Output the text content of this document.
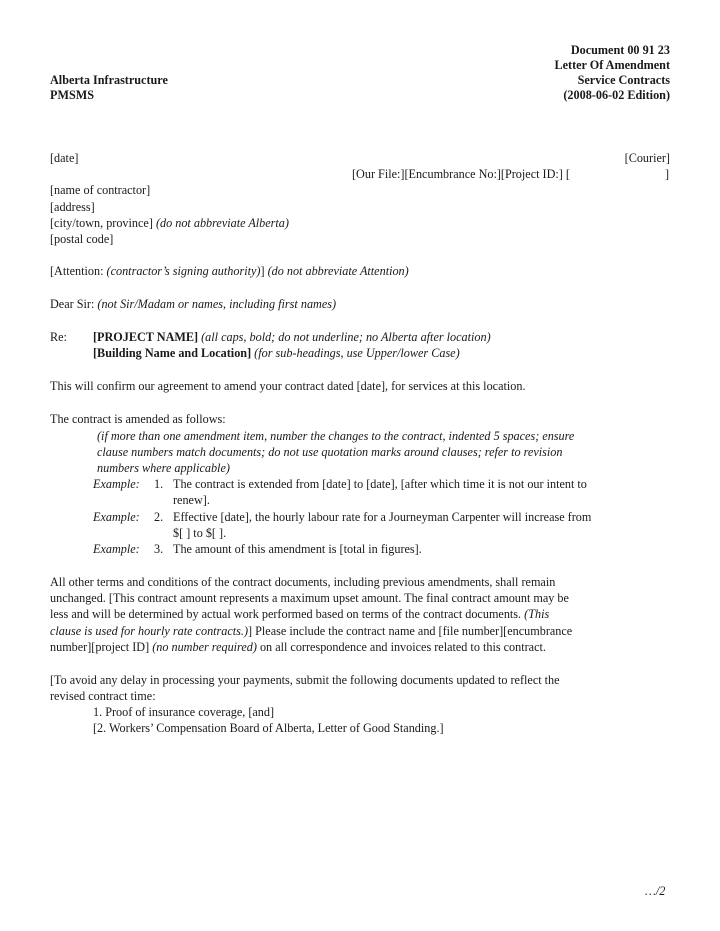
Alberta Infrastructure
PMSMS
Document 00 91 23
Letter Of Amendment
Service Contracts
(2008-06-02 Edition)
[date]	[Courier]
[Our File:][Encumbrance No:][Project ID:] [	]
[name of contractor]
[address]
[city/town, province] (do not abbreviate Alberta)
[postal code]
[Attention: (contractor’s signing authority)] (do not abbreviate Attention)
Dear Sir: (not Sir/Madam or names, including first names)
Re: [PROJECT NAME] (all caps, bold; do not underline; no Alberta after location)
[Building Name and Location] (for sub-headings, use Upper/lower Case)
This will confirm our agreement to amend your contract dated [date], for services at this location.
The contract is amended as follows:
(if more than one amendment item, number the changes to the contract, indented 5 spaces; ensure
clause numbers match documents; do not use quotation marks around clauses; refer to revision
numbers where applicable)
Example: 1. The contract is extended from [date] to [date], [after which time it is not our intent to
renew].
Example: 2. Effective [date], the hourly labour rate for a Journeyman Carpenter will increase from
$[ ] to $[ ].
Example: 3. The amount of this amendment is [total in figures].
All other terms and conditions of the contract documents, including previous amendments, shall remain
unchanged. [This contract amount represents a maximum upset amount. The final contract amount may be
less and will be determined by actual work performed based on terms of the contract documents. (This
clause is used for hourly rate contracts.)] Please include the contract name and [file number][encumbrance
number][project ID] (no number required) on all correspondence and invoices related to this contract.
[To avoid any delay in processing your payments, submit the following documents updated to reflect the
revised contract time:
1. Proof of insurance coverage, [and]
[2. Workers’ Compensation Board of Alberta, Letter of Good Standing.]
…/2
